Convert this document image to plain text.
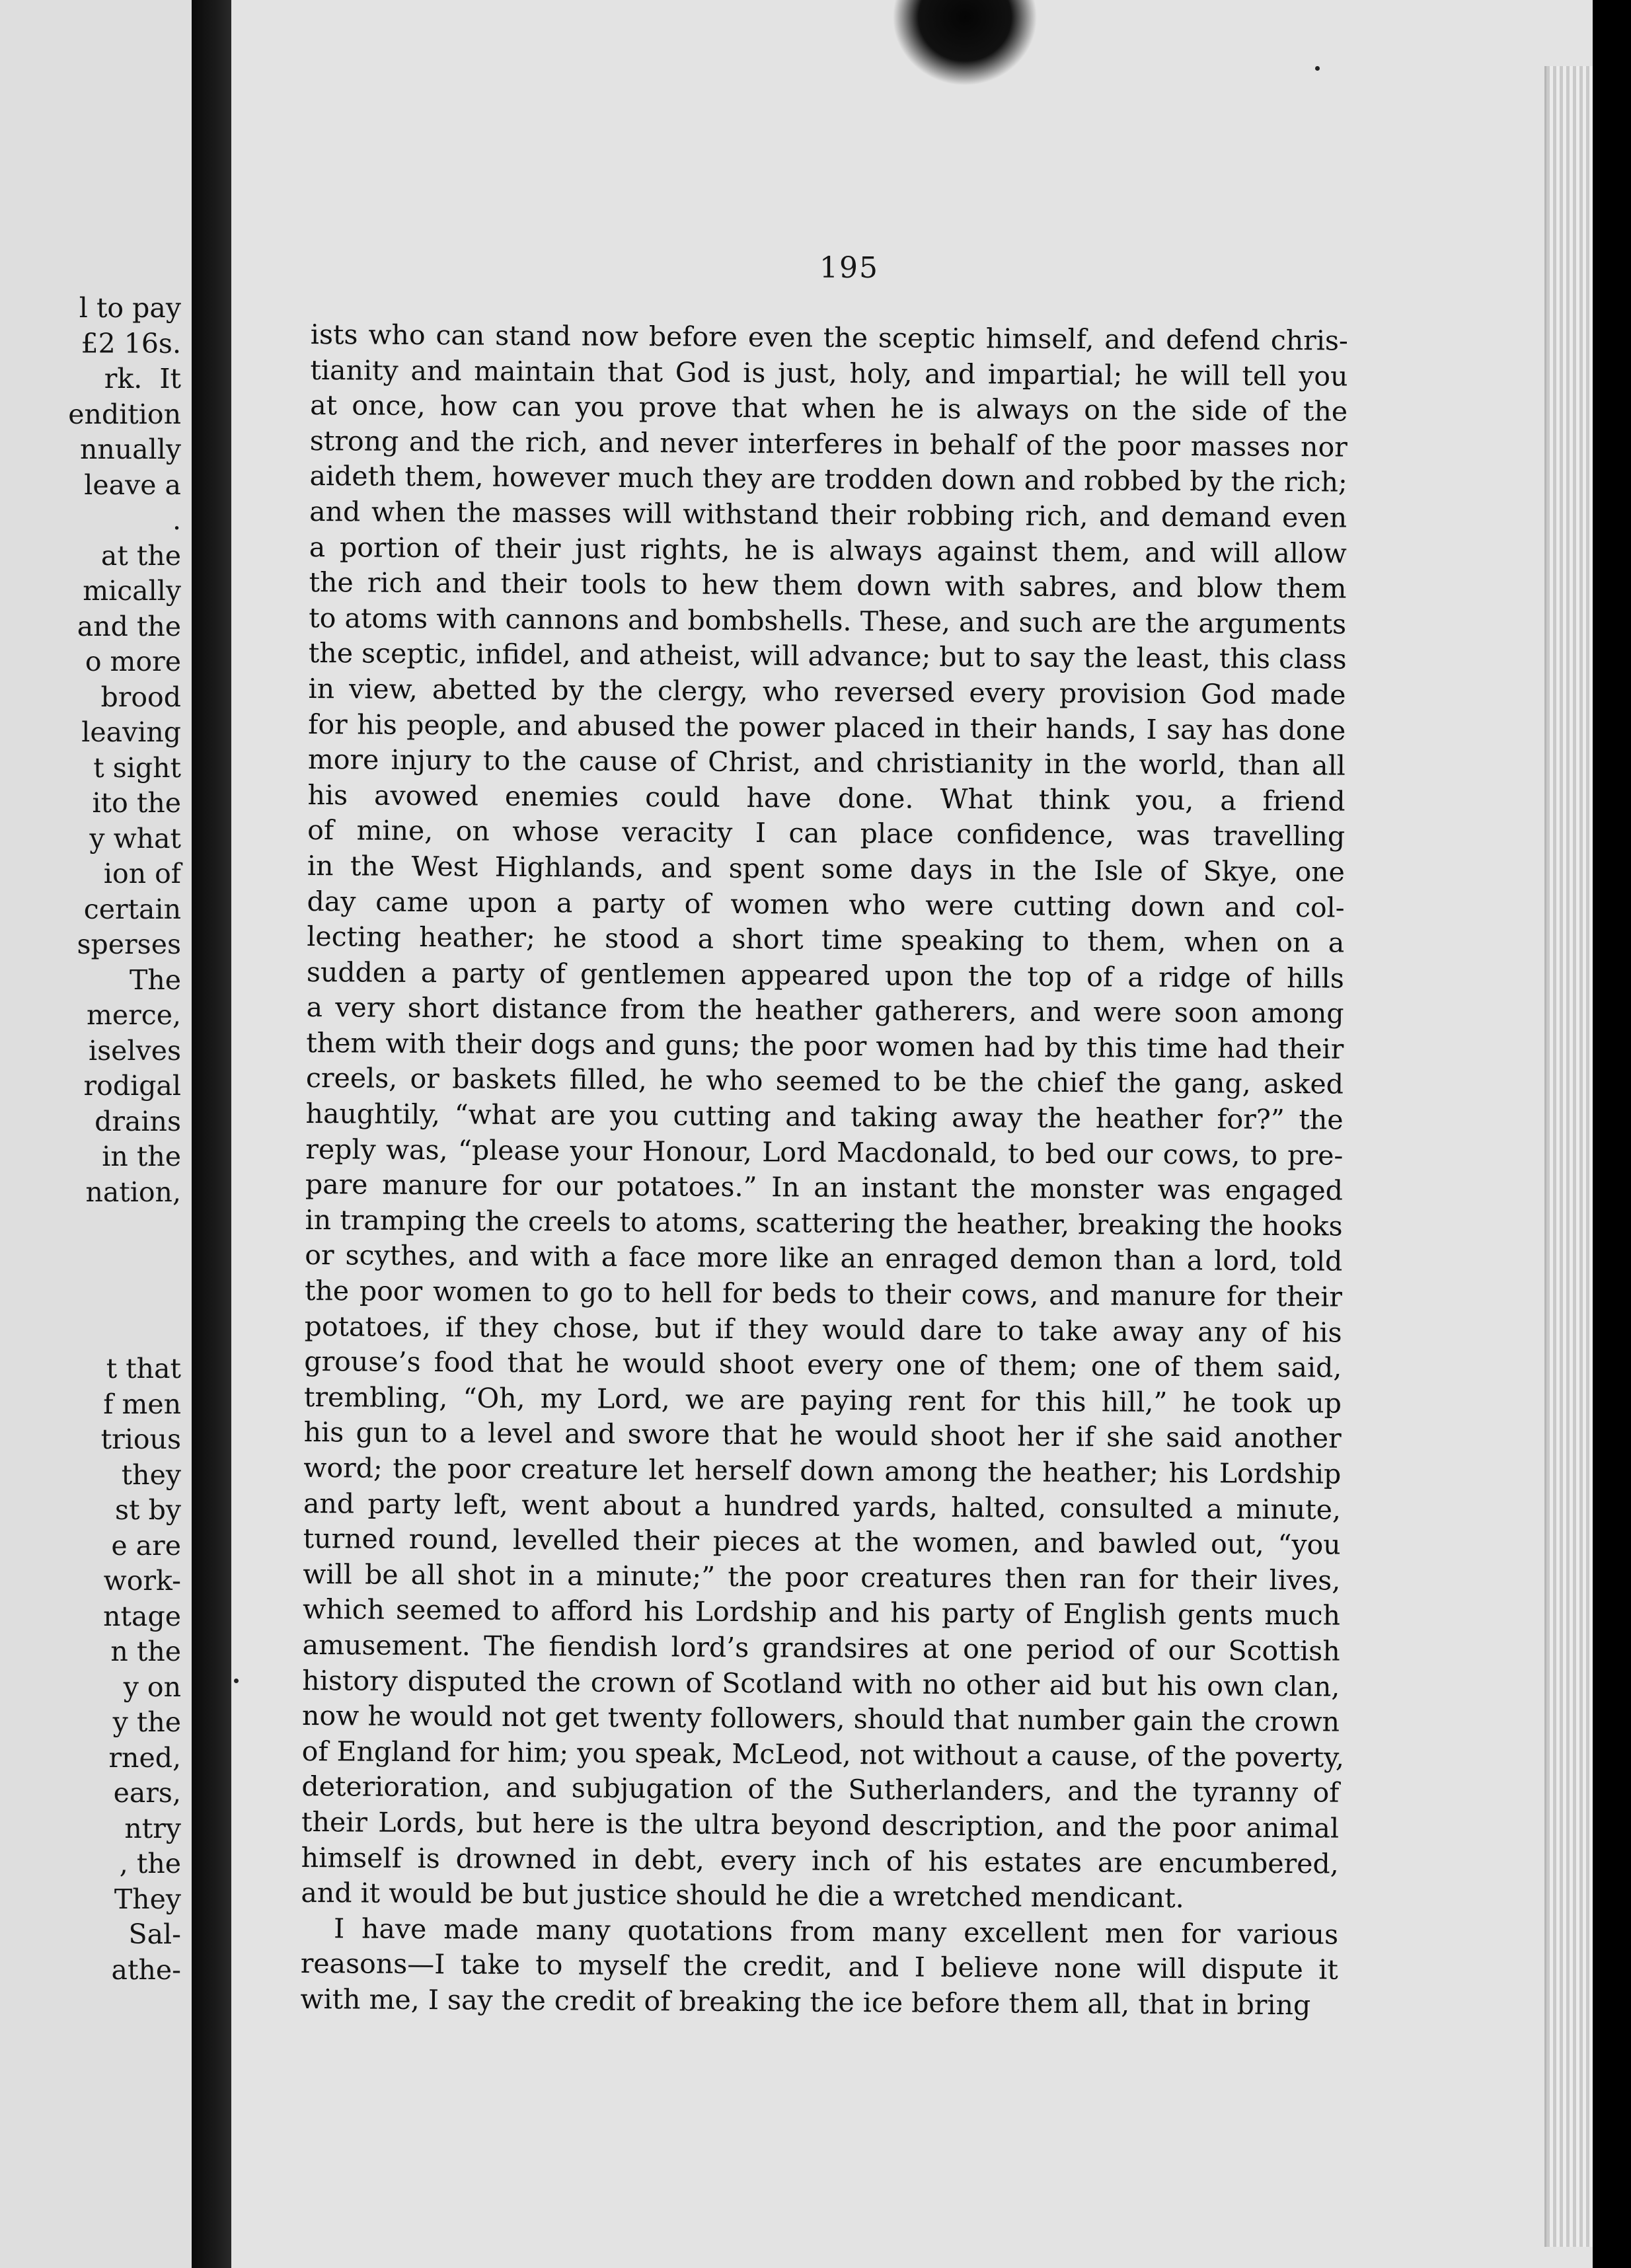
l to pay
£2 16s.
rk.  It
endition
nnually
leave a
.
at the
mically
and the
o more
brood
leaving
t sight
ito the
y what
ion of
certain
sperses
The
merce,
iselves
rodigal
drains
in the
nation,
t that
f men
trious
they
st by
e are
work-
ntage
n the
y on
y the
rned,
ears,
ntry
, the
They
Sal-
athe-
195
ists who can stand now before even the sceptic himself, and defend chris-
tianity and maintain that God is just, holy, and impartial; he will tell you
at once, how can you prove that when he is always on the side of the
strong and the rich, and never interferes in behalf of the poor masses nor
aideth them, however much they are trodden down and robbed by the rich;
and when the masses will withstand their robbing rich, and demand even
a portion of their just rights, he is always against them, and will allow
the rich and their tools to hew them down with sabres, and blow them
to atoms with cannons and bombshells. These, and such are the arguments
the sceptic, infidel, and atheist, will advance; but to say the least, this class
in view, abetted by the clergy, who reversed every provision God made
for his people, and abused the power placed in their hands, I say has done
more injury to the cause of Christ, and christianity in the world, than all
his avowed enemies could have done. What think you, a friend
of mine, on whose veracity I can place confidence, was travelling
in the West Highlands, and spent some days in the Isle of Skye, one
day came upon a party of women who were cutting down and col-
lecting heather; he stood a short time speaking to them, when on a
sudden a party of gentlemen appeared upon the top of a ridge of hills
a very short distance from the heather gatherers, and were soon among
them with their dogs and guns; the poor women had by this time had their
creels, or baskets filled, he who seemed to be the chief the gang, asked
haughtily, “what are you cutting and taking away the heather for?” the
reply was, “please your Honour, Lord Macdonald, to bed our cows, to pre-
pare manure for our potatoes.” In an instant the monster was engaged
in tramping the creels to atoms, scattering the heather, breaking the hooks
or scythes, and with a face more like an enraged demon than a lord, told
the poor women to go to hell for beds to their cows, and manure for their
potatoes, if they chose, but if they would dare to take away any of his
grouse’s food that he would shoot every one of them; one of them said,
trembling, “Oh, my Lord, we are paying rent for this hill,” he took up
his gun to a level and swore that he would shoot her if she said another
word; the poor creature let herself down among the heather; his Lordship
and party left, went about a hundred yards, halted, consulted a minute,
turned round, levelled their pieces at the women, and bawled out, “you
will be all shot in a minute;” the poor creatures then ran for their lives,
which seemed to afford his Lordship and his party of English gents much
amusement. The fiendish lord’s grandsires at one period of our Scottish
history disputed the crown of Scotland with no other aid but his own clan,
now he would not get twenty followers, should that number gain the crown
of England for him; you speak, McLeod, not without a cause, of the poverty,
deterioration, and subjugation of the Sutherlanders, and the tyranny of
their Lords, but here is the ultra beyond description, and the poor animal
himself is drowned in debt, every inch of his estates are encumbered,
and it would be but justice should he die a wretched mendicant.
I have made many quotations from many excellent men for various
reasons—I take to myself the credit, and I believe none will dispute it
with me, I say the credit of breaking the ice before them all, that in bring
